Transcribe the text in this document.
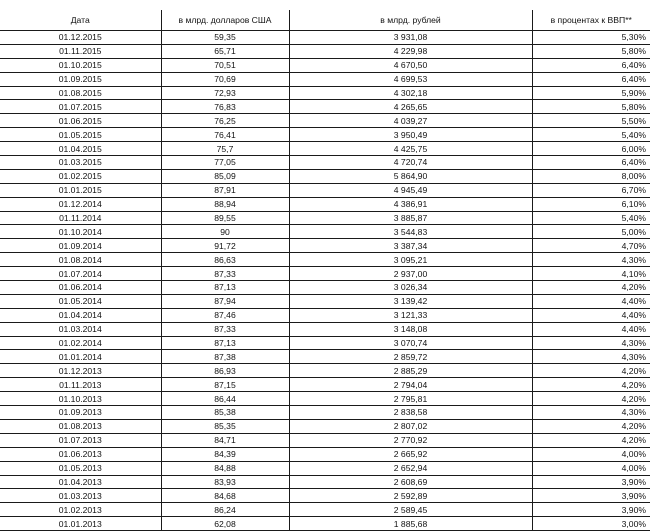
Дата	в млрд. долларов США	в млрд. рублей	в процентах к ВВП**
01.12.2015	59,35	3 931,08	5,30%
01.11.2015	65,71	4 229,98	5,80%
01.10.2015	70,51	4 670,50	6,40%
01.09.2015	70,69	4 699,53	6,40%
01.08.2015	72,93	4 302,18	5,90%
01.07.2015	76,83	4 265,65	5,80%
01.06.2015	76,25	4 039,27	5,50%
01.05.2015	76,41	3 950,49	5,40%
01.04.2015	75,7	4 425,75	6,00%
01.03.2015	77,05	4 720,74	6,40%
01.02.2015	85,09	5 864,90	8,00%
01.01.2015	87,91	4 945,49	6,70%
01.12.2014	88,94	4 386,91	6,10%
01.11.2014	89,55	3 885,87	5,40%
01.10.2014	90	3 544,83	5,00%
01.09.2014	91,72	3 387,34	4,70%
01.08.2014	86,63	3 095,21	4,30%
01.07.2014	87,33	2 937,00	4,10%
01.06.2014	87,13	3 026,34	4,20%
01.05.2014	87,94	3 139,42	4,40%
01.04.2014	87,46	3 121,33	4,40%
01.03.2014	87,33	3 148,08	4,40%
01.02.2014	87,13	3 070,74	4,30%
01.01.2014	87,38	2 859,72	4,30%
01.12.2013	86,93	2 885,29	4,20%
01.11.2013	87,15	2 794,04	4,20%
01.10.2013	86,44	2 795,81	4,20%
01.09.2013	85,38	2 838,58	4,30%
01.08.2013	85,35	2 807,02	4,20%
01.07.2013	84,71	2 770,92	4,20%
01.06.2013	84,39	2 665,92	4,00%
01.05.2013	84,88	2 652,94	4,00%
01.04.2013	83,93	2 608,69	3,90%
01.03.2013	84,68	2 592,89	3,90%
01.02.2013	86,24	2 589,45	3,90%
01.01.2013	62,08	1 885,68	3,00%
